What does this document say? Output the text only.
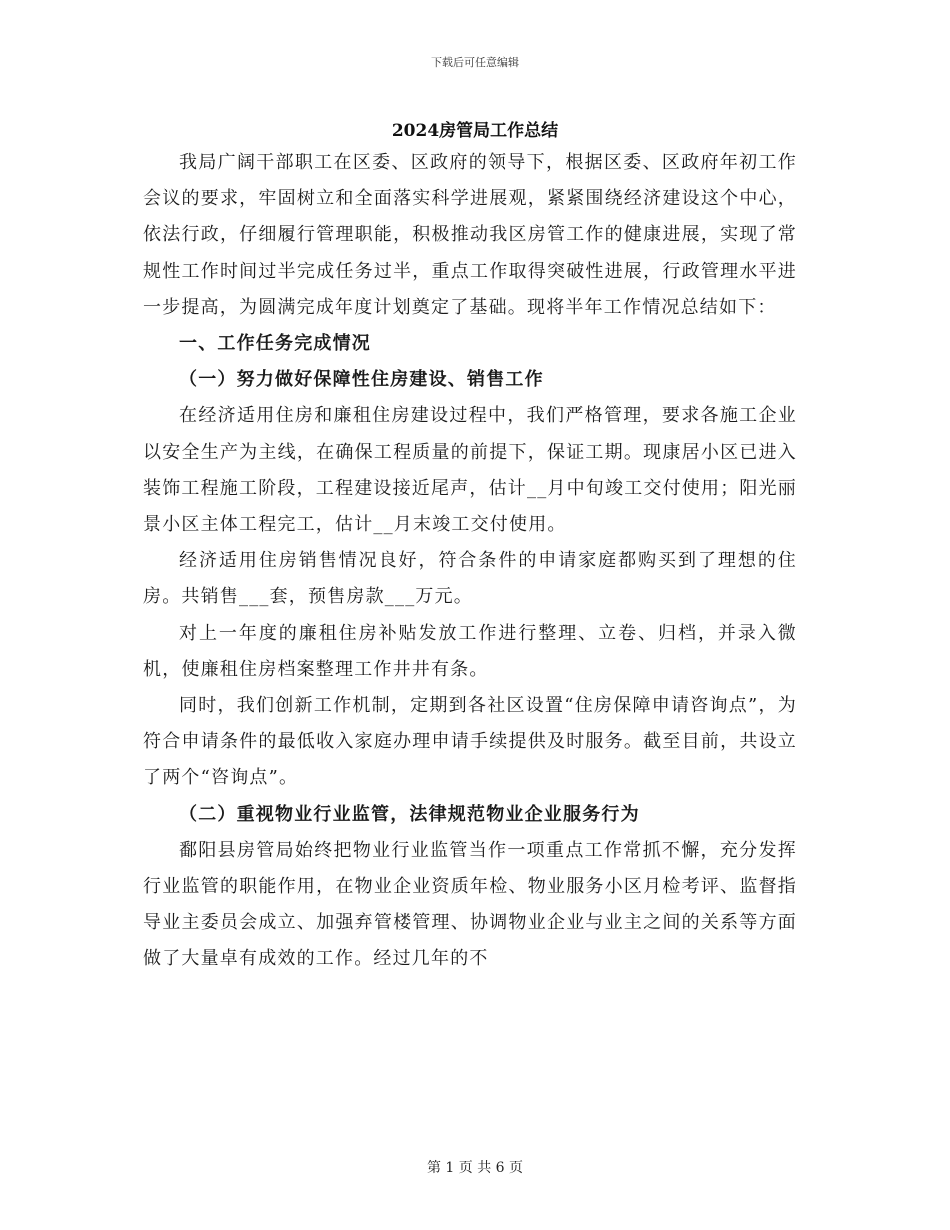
下载后可任意编辑
2024房管局工作总结

我局广阔干部职工在区委、区政府的领导下，根据区委、区政府年初工作会议的要求，牢固树立和全面落实科学进展观，紧紧围绕经济建设这个中心，依法行政，仔细履行管理职能，积极推动我区房管工作的健康进展，实现了常规性工作时间过半完成任务过半，重点工作取得突破性进展，行政管理水平进一步提高，为圆满完成年度计划奠定了基础。现将半年工作情况总结如下：

一、工作任务完成情况

（一）努力做好保障性住房建设、销售工作

在经济适用住房和廉租住房建设过程中，我们严格管理，要求各施工企业以安全生产为主线，在确保工程质量的前提下，保证工期。现康居小区已进入装饰工程施工阶段，工程建设接近尾声，估计__月中旬竣工交付使用；阳光丽景小区主体工程完工，估计__月末竣工交付使用。

经济适用住房销售情况良好，符合条件的申请家庭都购买到了理想的住房。共销售___套，预售房款___万元。

对上一年度的廉租住房补贴发放工作进行整理、立卷、归档，并录入微机，使廉租住房档案整理工作井井有条。

同时，我们创新工作机制，定期到各社区设置“住房保障申请咨询点”，为符合申请条件的最低收入家庭办理申请手续提供及时服务。截至目前，共设立了两个“咨询点”。

（二）重视物业行业监管，法律规范物业企业服务行为

鄱阳县房管局始终把物业行业监管当作一项重点工作常抓不懈，充分发挥行业监管的职能作用，在物业企业资质年检、物业服务小区月检考评、监督指导业主委员会成立、加强弃管楼管理、协调物业企业与业主之间的关系等方面做了大量卓有成效的工作。经过几年的不

第 1 页 共 6 页
